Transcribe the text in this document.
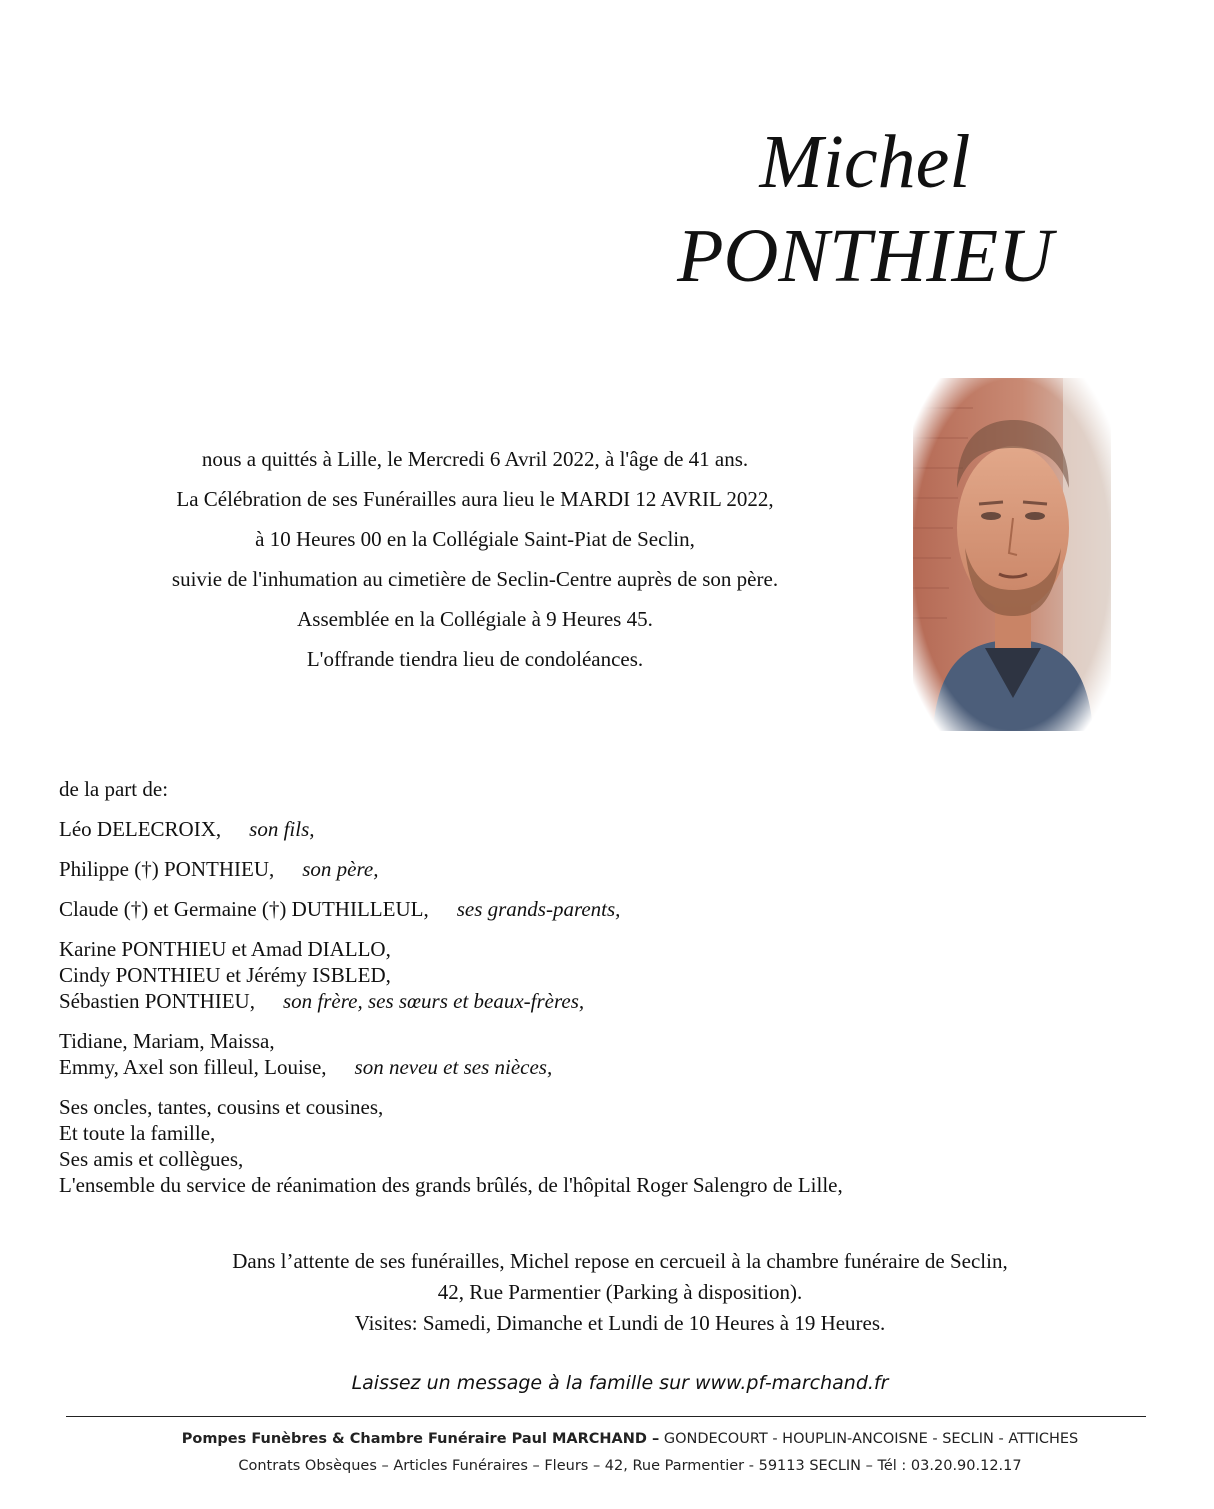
Michel
PONTHIEU
nous a quittés à Lille, le Mercredi 6 Avril 2022, à l'âge de 41 ans.
La Célébration de ses Funérailles aura lieu le MARDI 12 AVRIL 2022,
à 10 Heures 00 en la Collégiale Saint-Piat de Seclin,
suivie de l'inhumation au cimetière de Seclin-Centre auprès de son père.
Assemblée en la Collégiale à 9 Heures 45.
L'offrande tiendra lieu de condoléances.
de la part de:
Léo DELECROIX, son fils,
Philippe (†) PONTHIEU, son père,
Claude (†) et Germaine (†) DUTHILLEUL, ses grands-parents,
Karine PONTHIEU et Amad DIALLO,
Cindy PONTHIEU et Jérémy ISBLED,
Sébastien PONTHIEU, son frère, ses sœurs et beaux-frères,
Tidiane, Mariam, Maissa,
Emmy, Axel son filleul, Louise, son neveu et ses nièces,
Ses oncles, tantes, cousins et cousines,
Et toute la famille,
Ses amis et collègues,
L'ensemble du service de réanimation des grands brûlés, de l'hôpital Roger Salengro de Lille,
Dans l’attente de ses funérailles, Michel repose en cercueil à la chambre funéraire de Seclin,
42, Rue Parmentier (Parking à disposition).
Visites: Samedi, Dimanche et Lundi de 10 Heures à 19 Heures.
Laissez un message à la famille sur www.pf-marchand.fr
Pompes Funèbres & Chambre Funéraire Paul MARCHAND – GONDECOURT - HOUPLIN-ANCOISNE - SECLIN - ATTICHES
Contrats Obsèques – Articles Funéraires – Fleurs – 42, Rue Parmentier - 59113 SECLIN – Tél : 03.20.90.12.17
